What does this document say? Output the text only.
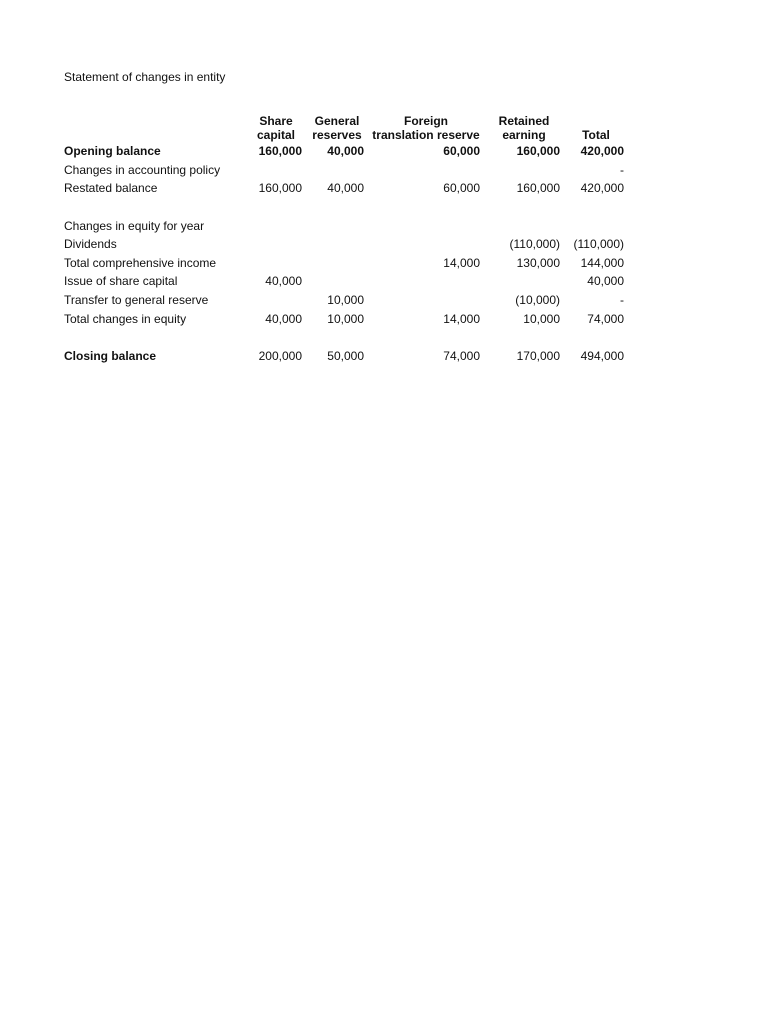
Statement of changes in entity
	Share capital	General reserves	Foreign translation reserve	Retained earning	Total
Opening balance	160,000	40,000	60,000	160,000	420,000
Changes in accounting policy					-
Restated balance	160,000	40,000	60,000	160,000	420,000

Changes in equity for year					
Dividends				(110,000)	(110,000)
Total comprehensive income			14,000	130,000	144,000
Issue of share capital	40,000				40,000
Transfer to general reserve		10,000		(10,000)	-
Total changes in equity	40,000	10,000	14,000	10,000	74,000

Closing balance	200,000	50,000	74,000	170,000	494,000
